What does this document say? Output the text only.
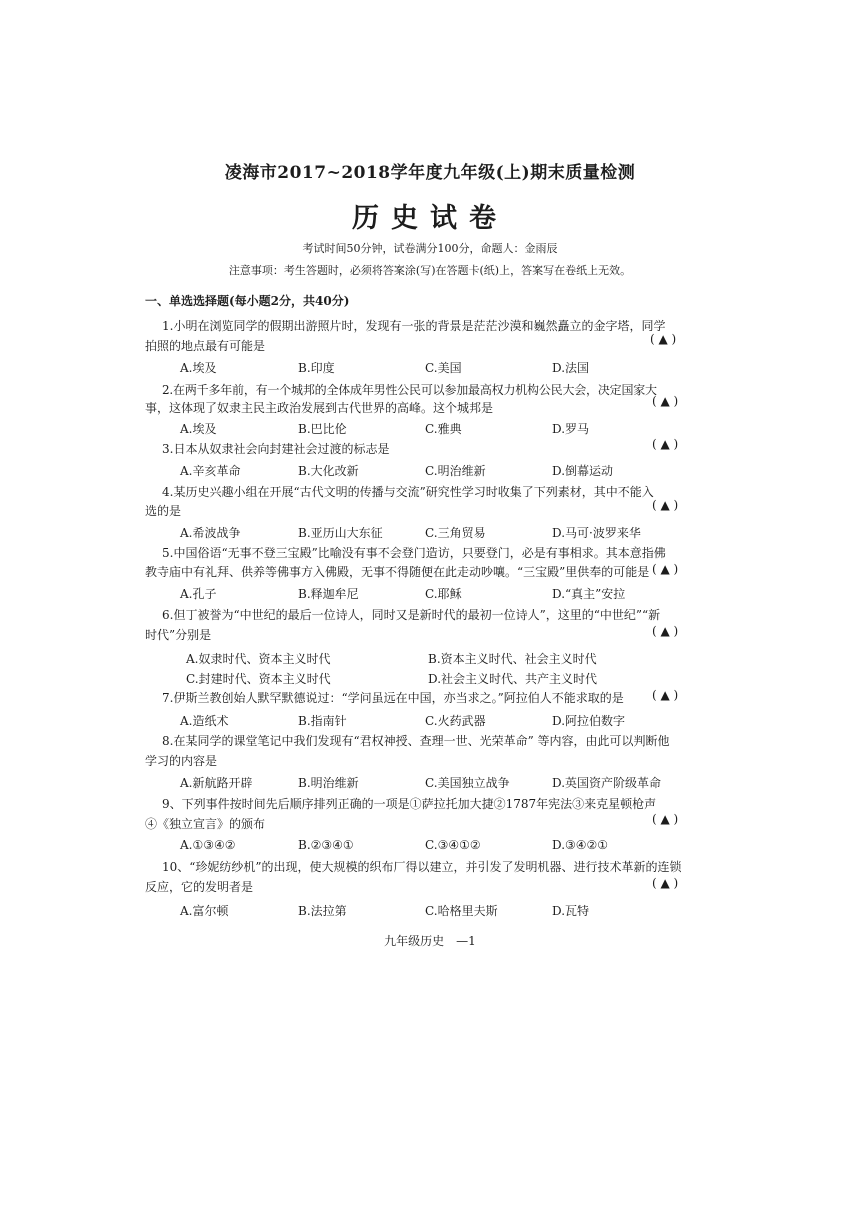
凌海市2017~2018学年度九年级(上)期末质量检测
历史试卷
考试时间50分钟，试卷满分100分，命题人：金雨辰
注意事项：考生答题时，必须将答案涂(写)在答题卡(纸)上，答案写在卷纸上无效。
一、单选选择题(每小题2分，共40分)
1.小明在浏览同学的假期出游照片时，发现有一张的背景是茫茫沙漠和巍然矗立的金字塔，同学
( ▲ )
拍照的地点最有可能是
A.埃及	B.印度	C.美国	D.法国
2.在两千多年前，有一个城邦的全体成年男性公民可以参加最高权力机构公民大会，决定国家大
( ▲ )
事，这体现了奴隶主民主政治发展到古代世界的高峰。这个城邦是
A.埃及	B.巴比伦	C.雅典	D.罗马
3.日本从奴隶社会向封建社会过渡的标志是	( ▲ )
A.辛亥革命	B.大化改新	C.明治维新	D.倒幕运动
4.某历史兴趣小组在开展“古代文明的传播与交流”研究性学习时收集了下列素材，其中不能入
( ▲ )
选的是
A.希波战争	B.亚历山大东征	C.三角贸易	D.马可·波罗来华
5.中国俗语“无事不登三宝殿”比喻没有事不会登门造访，只要登门，必是有事相求。其本意指佛
教寺庙中有礼拜、供养等佛事方入佛殿，无事不得随便在此走动吵嚷。“三宝殿”里供奉的可能是 ( ▲ )
A.孔子	B.释迦牟尼	C.耶稣	D.“真主”安拉
6.但丁被誉为“中世纪的最后一位诗人，同时又是新时代的最初一位诗人”，这里的“中世纪”“新
( ▲ )
时代”分别是
A.奴隶时代、资本主义时代	B.资本主义时代、社会主义时代
C.封建时代、资本主义时代	D.社会主义时代、共产主义时代
7.伊斯兰教创始人默罕默德说过：“学问虽远在中国，亦当求之。”阿拉伯人不能求取的是 ( ▲ )
A.造纸术	B.指南针	C.火药武器	D.阿拉伯数字
8.在某同学的课堂笔记中我们发现有“君权神授、查理一世、光荣革命” 等内容，由此可以判断他
学习的内容是
A.新航路开辟	B.明治维新	C.美国独立战争	D.英国资产阶级革命
9、下列事件按时间先后顺序排列正确的一项是①萨拉托加大捷②1787年宪法③来克星顿枪声
( ▲ )
④《独立宣言》的颁布
A.①③④②	B.②③④①	C.③④①②	D.③④②①
10、“珍妮纺纱机”的出现，使大规模的织布厂得以建立，并引发了发明机器、进行技术革新的连锁
( ▲ )
反应，它的发明者是
A.富尔顿	B.法拉第	C.哈格里夫斯	D.瓦特
九年级历史　—1
